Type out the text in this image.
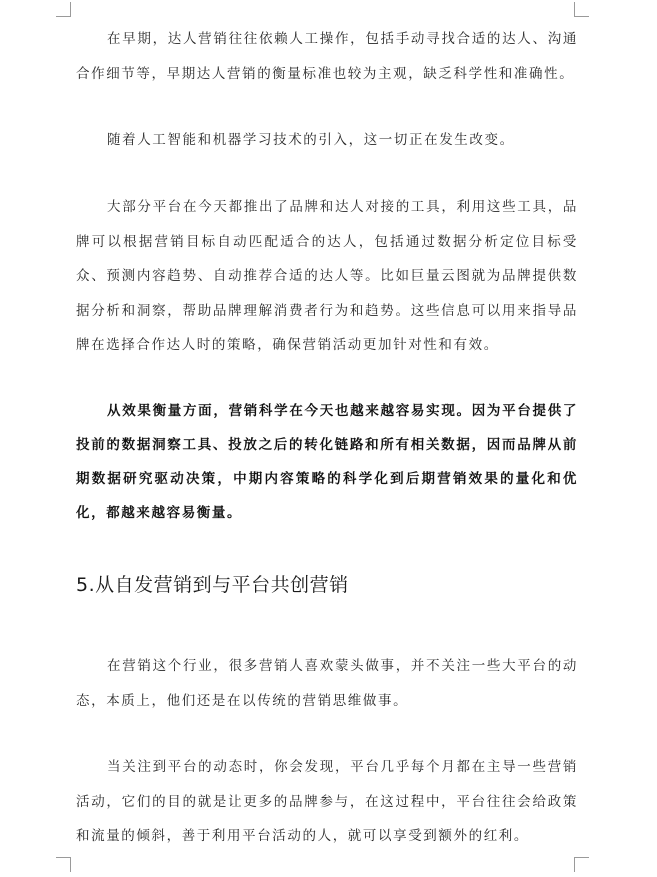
在早期，达人营销往往依赖人工操作，包括手动寻找合适的达人、沟通合作细节等，早期达人营销的衡量标准也较为主观，缺乏科学性和准确性。

随着人工智能和机器学习技术的引入，这一切正在发生改变。

大部分平台在今天都推出了品牌和达人对接的工具，利用这些工具，品牌可以根据营销目标自动匹配适合的达人，包括通过数据分析定位目标受众、预测内容趋势、自动推荐合适的达人等。比如巨量云图就为品牌提供数据分析和洞察，帮助品牌理解消费者行为和趋势。这些信息可以用来指导品牌在选择合作达人时的策略，确保营销活动更加针对性和有效。

从效果衡量方面，营销科学在今天也越来越容易实现。因为平台提供了投前的数据洞察工具、投放之后的转化链路和所有相关数据，因而品牌从前期数据研究驱动决策，中期内容策略的科学化到后期营销效果的量化和优化，都越来越容易衡量。

5.从自发营销到与平台共创营销

在营销这个行业，很多营销人喜欢蒙头做事，并不关注一些大平台的动态，本质上，他们还是在以传统的营销思维做事。

当关注到平台的动态时，你会发现，平台几乎每个月都在主导一些营销活动，它们的目的就是让更多的品牌参与，在这过程中，平台往往会给政策和流量的倾斜，善于利用平台活动的人，就可以享受到额外的红利。
